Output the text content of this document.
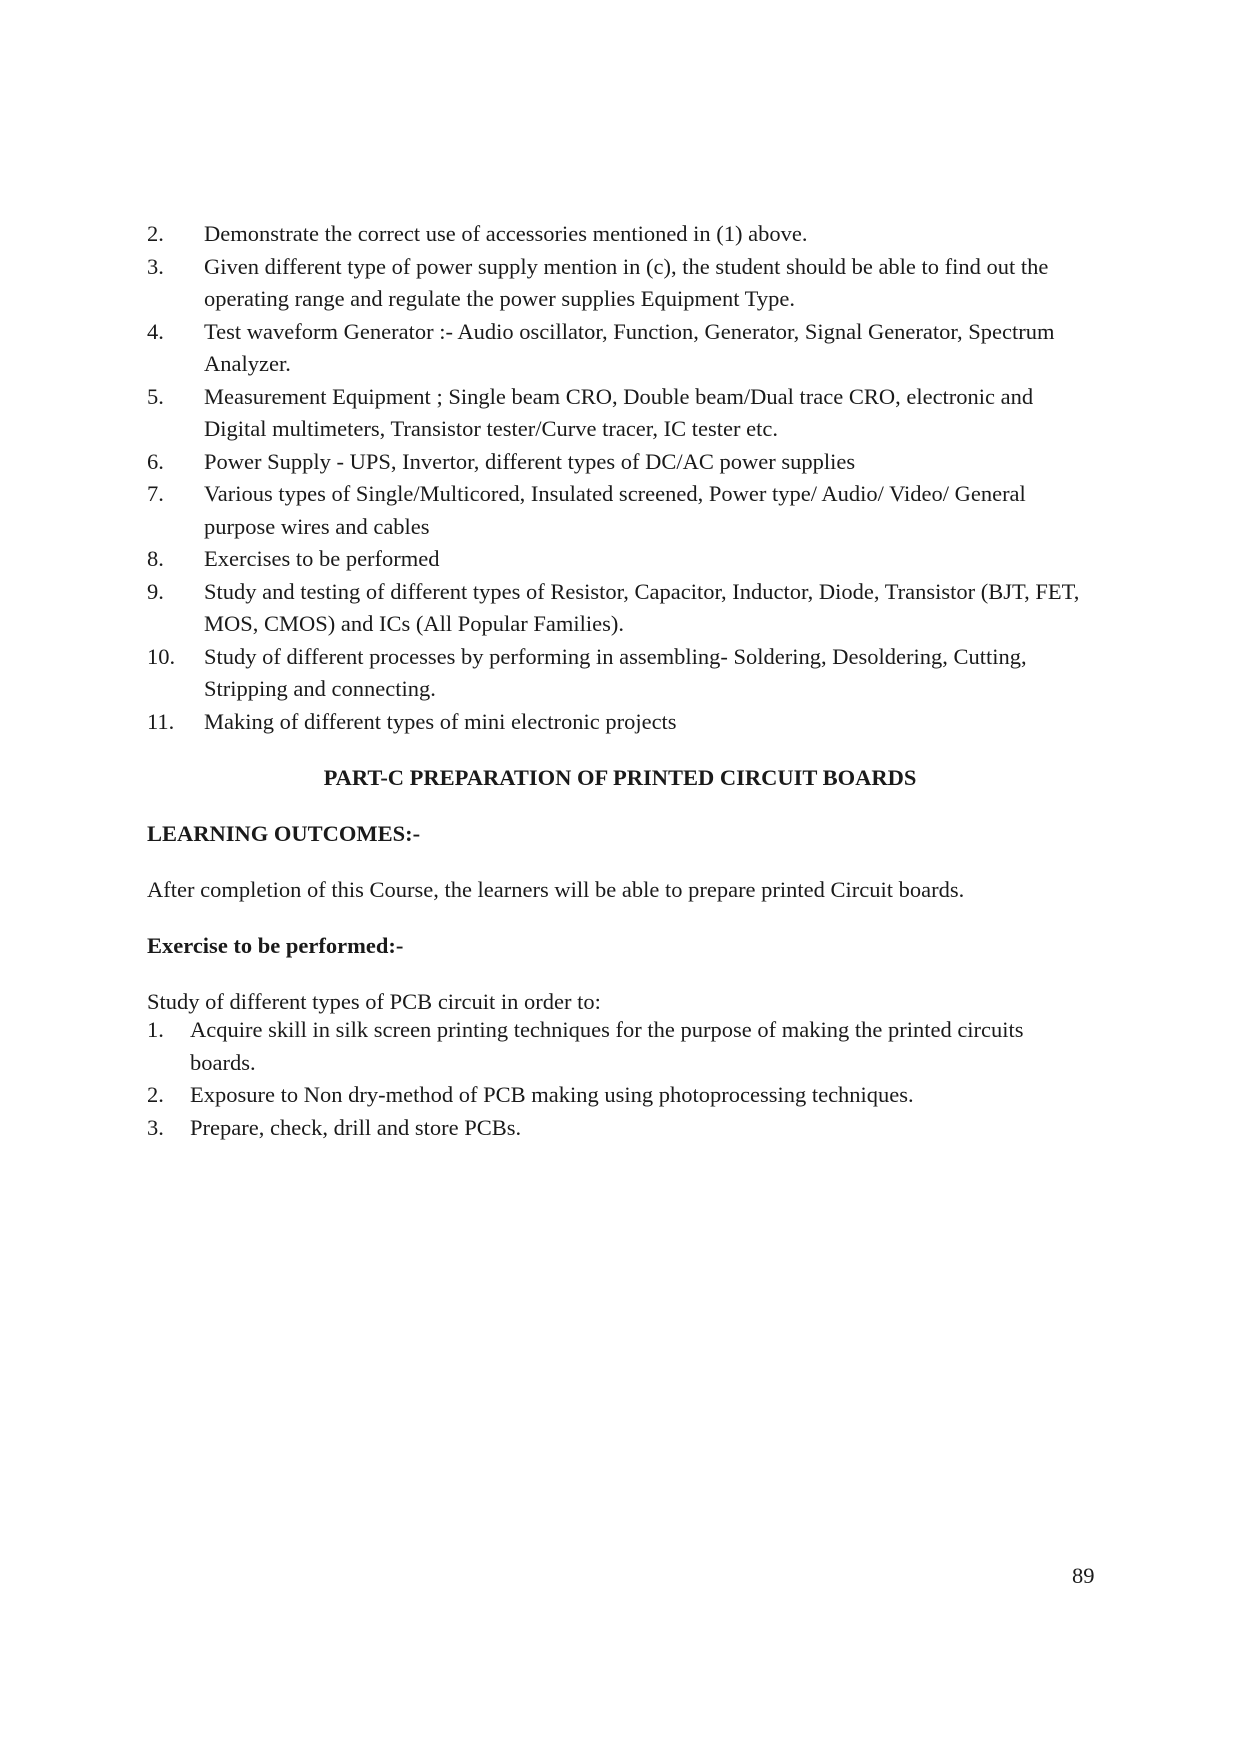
2. Demonstrate the correct use of accessories mentioned in (1) above.
3. Given different type of power supply mention in (c), the student should be able to find out the operating range and regulate the power supplies Equipment Type.
4. Test waveform Generator :- Audio oscillator, Function, Generator, Signal Generator, Spectrum Analyzer.
5. Measurement Equipment ; Single beam CRO, Double beam/Dual trace CRO, electronic and Digital multimeters, Transistor tester/Curve tracer, IC tester etc.
6. Power Supply - UPS, Invertor, different types of DC/AC power supplies
7. Various types of Single/Multicored, Insulated screened, Power type/ Audio/ Video/ General purpose wires and cables
8. Exercises to be performed
9. Study and testing of different types of Resistor, Capacitor, Inductor, Diode, Transistor (BJT, FET, MOS, CMOS) and ICs (All Popular Families).
10. Study of different processes by performing in assembling- Soldering, Desoldering, Cutting, Stripping and connecting.
11. Making of different types of mini electronic projects
PART-C PREPARATION OF PRINTED CIRCUIT BOARDS
LEARNING OUTCOMES:-
After completion of this Course, the learners will be able to prepare printed Circuit boards.
Exercise to be performed:-
Study of different types of PCB circuit in order to:
1. Acquire skill in silk screen printing techniques for the purpose of making the printed circuits boards.
2. Exposure to Non dry-method of PCB making using photoprocessing techniques.
3. Prepare, check, drill and store PCBs.
89
